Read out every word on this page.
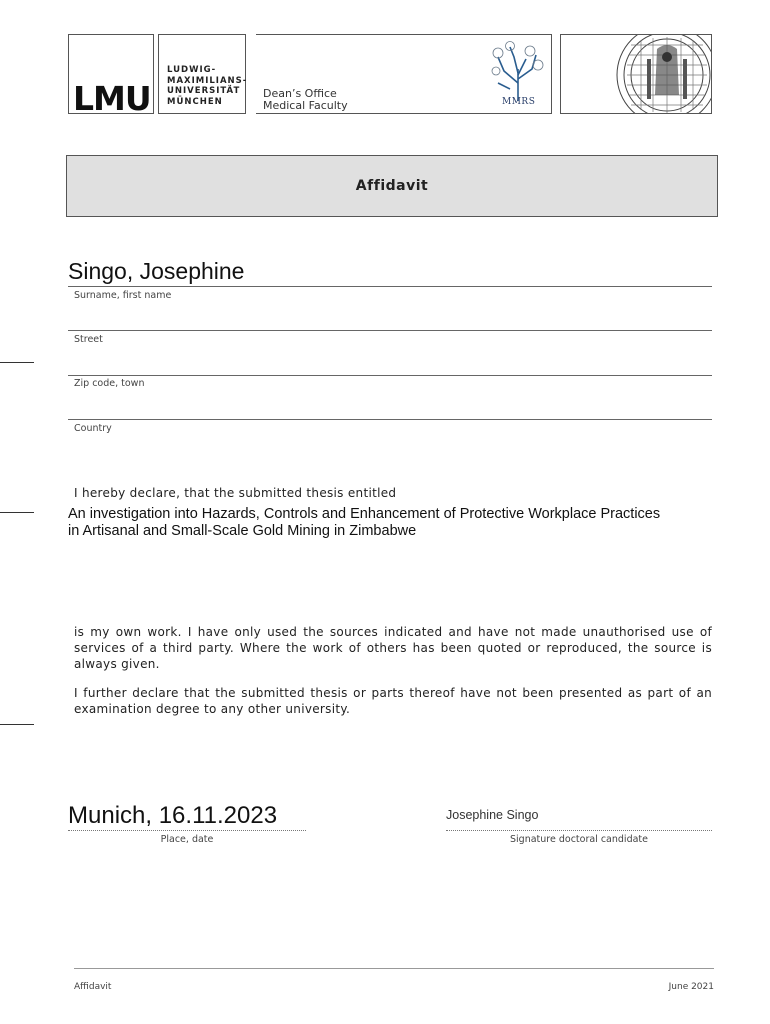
LMU
LUDWIG-
MAXIMILIANS-
UNIVERSITÄT
MÜNCHEN
Dean’s Office
Medical Faculty	MMRS
Affidavit
Singo, Josephine
Surname, first name
Street
Zip code, town
Country
I hereby declare, that the submitted thesis entitled
An investigation into Hazards, Controls and Enhancement of Protective Workplace Practices
in Artisanal and Small-Scale Gold Mining in Zimbabwe
is my own work. I have only used the sources indicated and have not made unauthorised use of services of a third party. Where the work of others has been quoted or reproduced, the source is always given.
I further declare that the submitted thesis or parts thereof have not been presented as part of an examination degree to any other university.
Munich, 16.11.2023
Place, date
Josephine Singo
Signature doctoral candidate
Affidavit	June 2021
